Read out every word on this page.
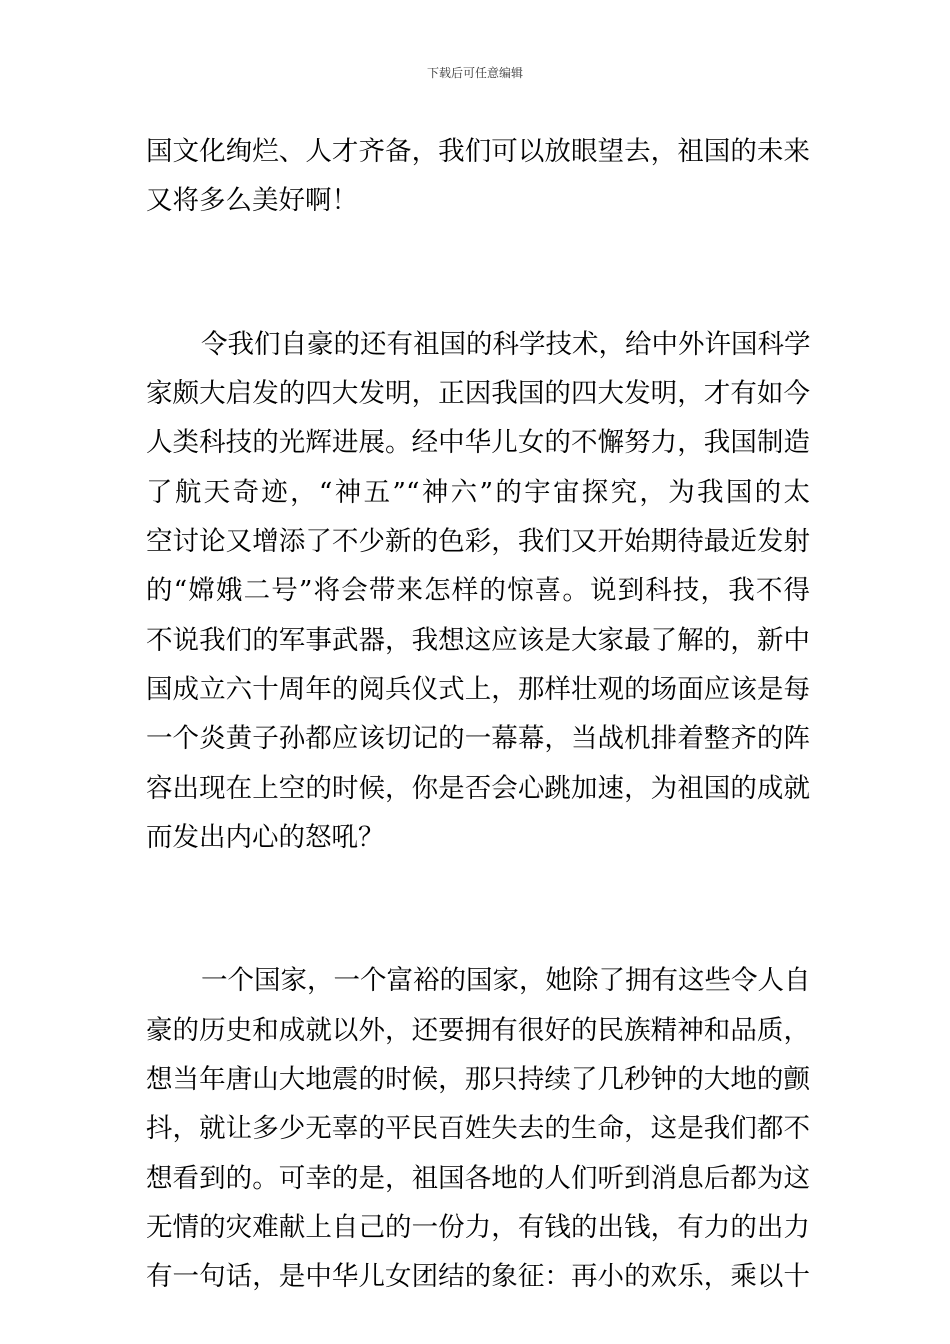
下载后可任意编辑
国文化绚烂、人才齐备，我们可以放眼望去，祖国的未来
又将多么美好啊！
令我们自豪的还有祖国的科学技术，给中外许国科学
家颇大启发的四大发明，正因我国的四大发明，才有如今
人类科技的光辉进展。经中华儿女的不懈努力，我国制造
了航天奇迹，“神五”“神六”的宇宙探究，为我国的太
空讨论又增添了不少新的色彩，我们又开始期待最近发射
的“嫦娥二号”将会带来怎样的惊喜。说到科技，我不得
不说我们的军事武器，我想这应该是大家最了解的，新中
国成立六十周年的阅兵仪式上，那样壮观的场面应该是每
一个炎黄子孙都应该切记的一幕幕，当战机排着整齐的阵
容出现在上空的时候，你是否会心跳加速，为祖国的成就
而发出内心的怒吼？
一个国家，一个富裕的国家，她除了拥有这些令人自
豪的历史和成就以外，还要拥有很好的民族精神和品质，
想当年唐山大地震的时候，那只持续了几秒钟的大地的颤
抖，就让多少无辜的平民百姓失去的生命，这是我们都不
想看到的。可幸的是，祖国各地的人们听到消息后都为这
无情的灾难献上自己的一份力，有钱的出钱，有力的出力
有一句话，是中华儿女团结的象征：再小的欢乐，乘以十
